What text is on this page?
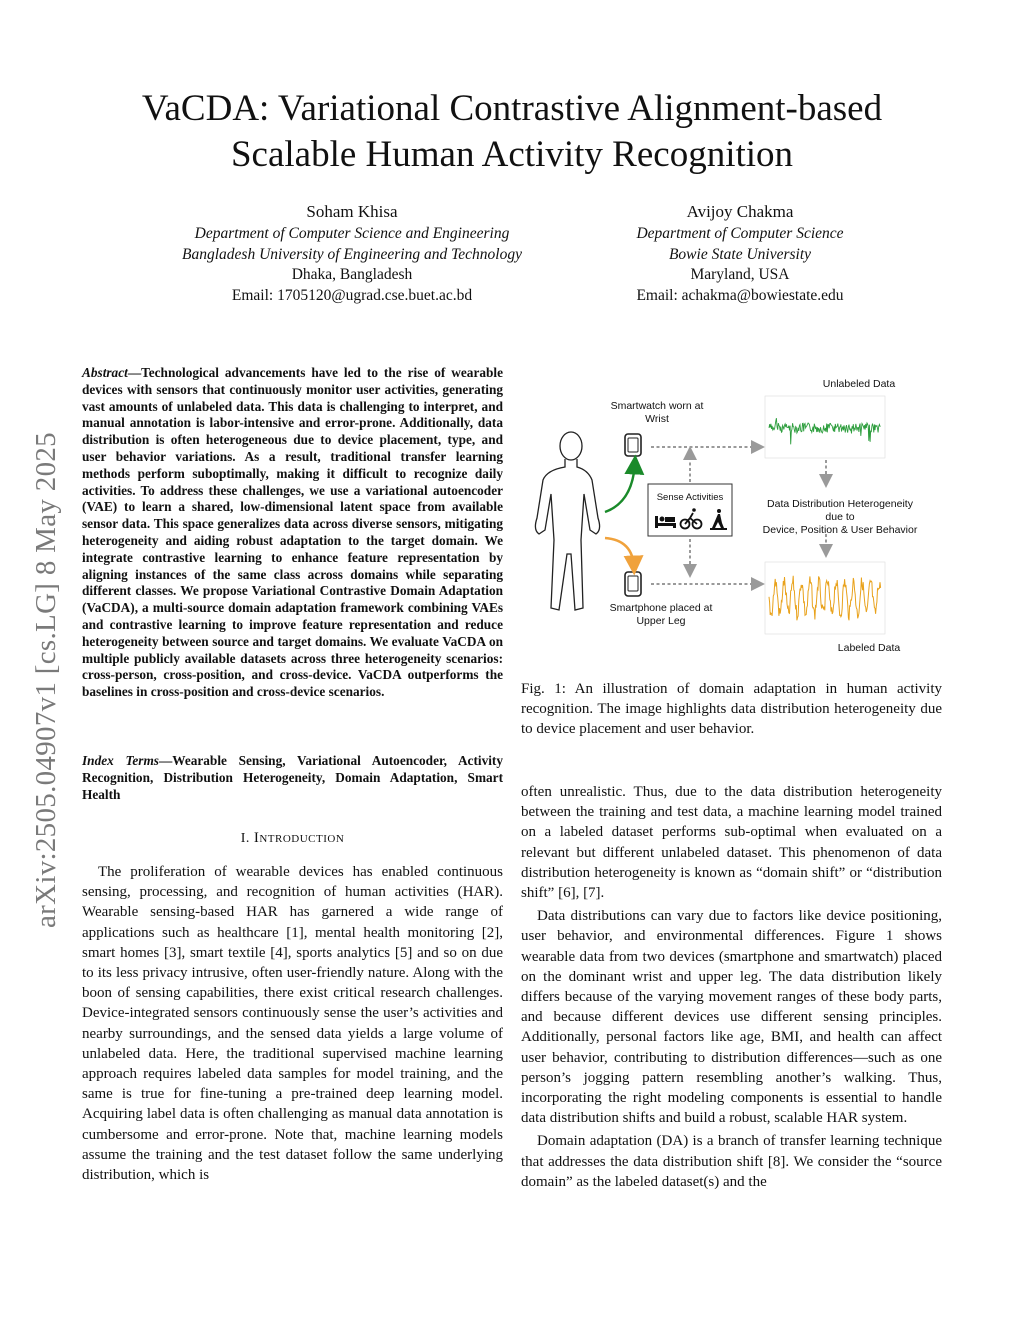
arXiv:2505.04907v1 [cs.LG] 8 May 2025
VaCDA: Variational Contrastive Alignment-based
Scalable Human Activity Recognition
Soham Khisa
Department of Computer Science and Engineering
Bangladesh University of Engineering and Technology
Dhaka, Bangladesh
Email: 1705120@ugrad.cse.buet.ac.bd
Avijoy Chakma
Department of Computer Science
Bowie State University
Maryland, USA
Email: achakma@bowiestate.edu
Abstract—Technological advancements have led to the rise of wearable devices with sensors that continuously monitor user activities, generating vast amounts of unlabeled data. This data is challenging to interpret, and manual annotation is labor-intensive and error-prone. Additionally, data distribution is often heterogeneous due to device placement, type, and user behavior variations. As a result, traditional transfer learning methods perform suboptimally, making it difficult to recognize daily activities. To address these challenges, we use a variational autoencoder (VAE) to learn a shared, low-dimensional latent space from available sensor data. This space generalizes data across diverse sensors, mitigating heterogeneity and aiding robust adaptation to the target domain. We integrate contrastive learning to enhance feature representation by aligning instances of the same class across domains while separating different classes. We propose Variational Contrastive Domain Adaptation (VaCDA), a multi-source domain adaptation framework combining VAEs and contrastive learning to improve feature representation and reduce heterogeneity between source and target domains. We evaluate VaCDA on multiple publicly available datasets across three heterogeneity scenarios: cross-person, cross-position, and cross-device. VaCDA outperforms the baselines in cross-position and cross-device scenarios.
Index Terms—Wearable Sensing, Variational Autoencoder, Activity Recognition, Distribution Heterogeneity, Domain Adaptation, Smart Health
I. Introduction

The proliferation of wearable devices has enabled continuous sensing, processing, and recognition of human activities (HAR). Wearable sensing-based HAR has garnered a wide range of applications such as healthcare [1], mental health monitoring [2], smart homes [3], smart textile [4], sports analytics [5] and so on due to its less privacy intrusive, often user-friendly nature. Along with the boon of sensing capabilities, there exist critical research challenges. Device-integrated sensors continuously sense the user’s activities and nearby surroundings, and the sensed data yields a large volume of unlabeled data. Here, the traditional supervised machine learning approach requires labeled data samples for model training, and the same is true for fine-tuning a pre-trained deep learning model. Acquiring label data is often challenging as manual data annotation is cumbersome and error-prone. Note that, machine learning models assume the training and the test dataset follow the same underlying distribution, which is

Smartwatch worn at
Wrist
Smartphone placed at
Upper Leg
Sense Activities
Unlabeled Data
Data Distribution Heterogeneity
due to
Device, Position & User Behavior
Labeled Data
Fig. 1: An illustration of domain adaptation in human activity recognition. The image highlights data distribution heterogeneity due to device placement and user behavior.

often unrealistic. Thus, due to the data distribution heterogeneity between the training and test data, a machine learning model trained on a labeled dataset performs sub-optimal when evaluated on a relevant but different unlabeled dataset. This phenomenon of data distribution heterogeneity is known as “domain shift” or “distribution shift” [6], [7].

Data distributions can vary due to factors like device positioning, user behavior, and environmental differences. Figure 1 shows wearable data from two devices (smartphone and smartwatch) placed on the dominant wrist and upper leg. The data distribution likely differs because of the varying movement ranges of these body parts, and because different devices use different sensing principles. Additionally, personal factors like age, BMI, and health can affect user behavior, contributing to distribution differences—such as one person’s jogging pattern resembling another’s walking. Thus, incorporating the right modeling components is essential to handle data distribution shifts and build a robust, scalable HAR system.

Domain adaptation (DA) is a branch of transfer learning technique that addresses the data distribution shift [8]. We consider the “source domain” as the labeled dataset(s) and the
